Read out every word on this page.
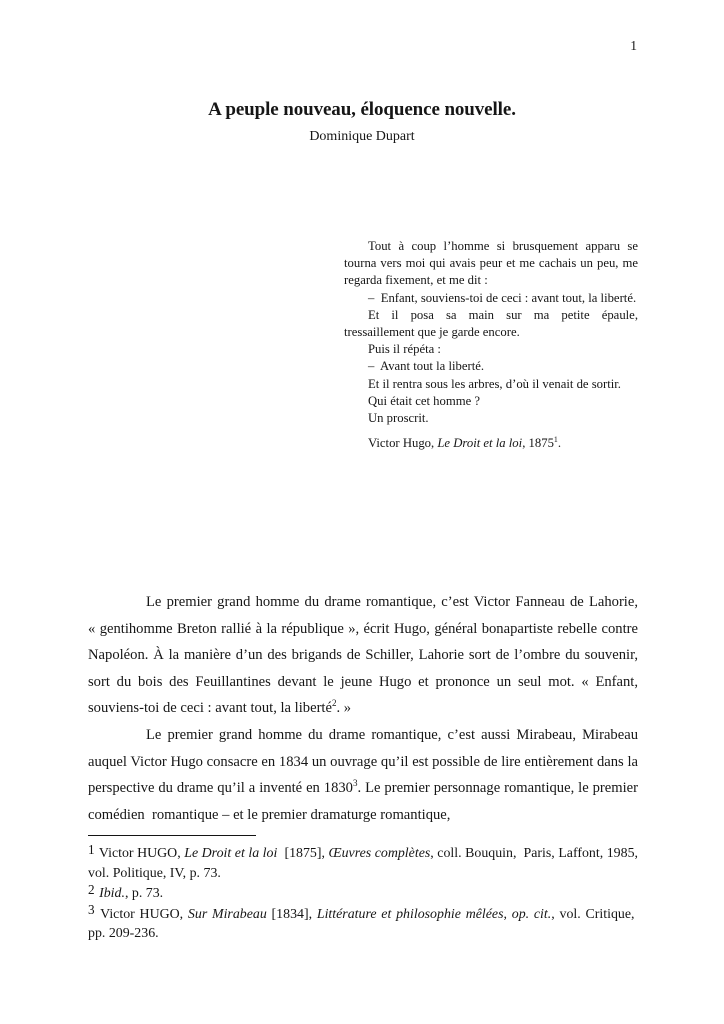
1
A peuple nouveau, éloquence nouvelle.
Dominique Dupart

Tout à coup l’homme si brusquement apparu se tourna vers moi qui avais peur et me cachais un peu, me regarda fixement, et me dit :

–  Enfant, souviens-toi de ceci : avant tout, la liberté.

Et il posa sa main sur ma petite épaule, tressaillement que je garde encore.

Puis il répéta :

–  Avant tout la liberté.

Et il rentra sous les arbres, d’où il venait de sortir.

Qui était cet homme ?

Un proscrit.

Victor Hugo, Le Droit et la loi, 1875$^1$.

Le premier grand homme du drame romantique, c’est Victor Fanneau de Lahorie, « gentihomme Breton rallié à la république », écrit Hugo, général bonapartiste rebelle contre Napoléon. À la manière d’un des brigands de Schiller, Lahorie sort de l’ombre du souvenir, sort du bois des Feuillantines devant le jeune Hugo et prononce un seul mot. « Enfant, souviens-toi de ceci : avant tout, la liberté$^2$. »

Le premier grand homme du drame romantique, c’est aussi Mirabeau, Mirabeau auquel Victor Hugo consacre en 1834 un ouvrage qu’il est possible de lire entièrement dans la perspective du drame qu’il a inventé en 1830$^3$. Le premier personnage romantique, le premier comédien  romantique – et le premier dramaturge romantique,

1 Victor HUGO, Le Droit et la loi  [1875], Œuvres complètes, coll. Bouquin,  Paris, Laffont, 1985, vol. Politique, IV, p. 73.

2 Ibid., p. 73.

3 Victor HUGO, Sur Mirabeau [1834], Littérature et philosophie mêlées, op. cit., vol. Critique,  pp. 209-236.
